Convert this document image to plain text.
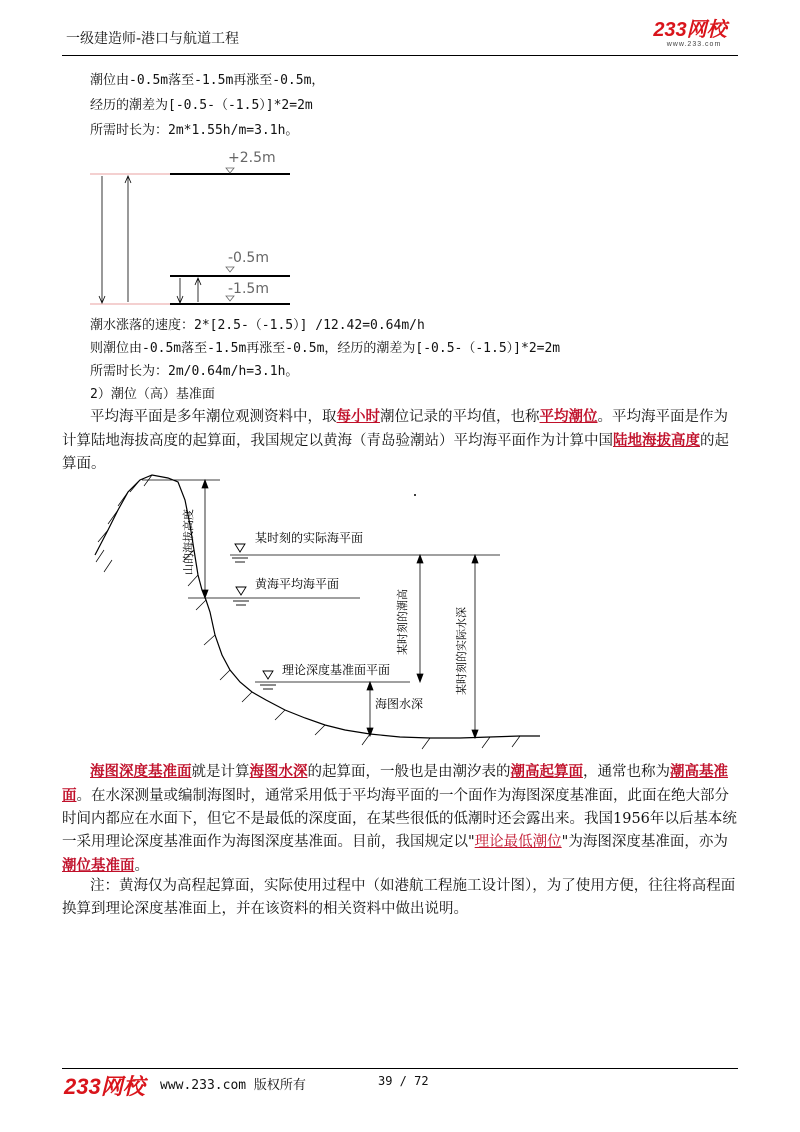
一级建造师-港口与航道工程	233网校
www.233.com
潮位由-0.5m落至-1.5m再涨至-0.5m，
经历的潮差为[-0.5-（-1.5）]*2=2m
所需时长为：2m*1.55h/m=3.1h。
+2.5m
-0.5m
-1.5m
潮水涨落的速度：2*[2.5-（-1.5）] /12.42=0.64m/h
则潮位由-0.5m落至-1.5m再涨至-0.5m，经历的潮差为[-0.5-（-1.5）]*2=2m
所需时长为：2m/0.64m/h=3.1h。
2）潮位（高）基准面
平均海平面是多年潮位观测资料中，取每小时潮位记录的平均值，也称平均潮位。平均海平面是作为计算陆地海拔高度的起算面，我国规定以黄海（青岛验潮站）平均海平面作为计算中国陆地海拔高度的起算面。
某时刻的实际海平面
黄海平均海平面
理论深度基准面平面
海图水深
山的海拔高度
某时刻的潮高	某时刻的实际水深
海图深度基准面就是计算海图水深的起算面，一般也是由潮汐表的潮高起算面，通常也称为潮高基准面。在水深测量或编制海图时，通常采用低于平均海平面的一个面作为海图深度基准面，此面在绝大部分时间内都应在水面下，但它不是最低的深度面，在某些很低的低潮时还会露出来。我国1956年以后基本统一采用理论深度基准面作为海图深度基准面。目前，我国规定以"理论最低潮位"为海图深度基准面，亦为潮位基准面。
注：黄海仅为高程起算面，实际使用过程中（如港航工程施工设计图），为了使用方便，往往将高程面换算到理论深度基准面上，并在该资料的相关资料中做出说明。
233网校 www.233.com 版权所有	39 / 72
